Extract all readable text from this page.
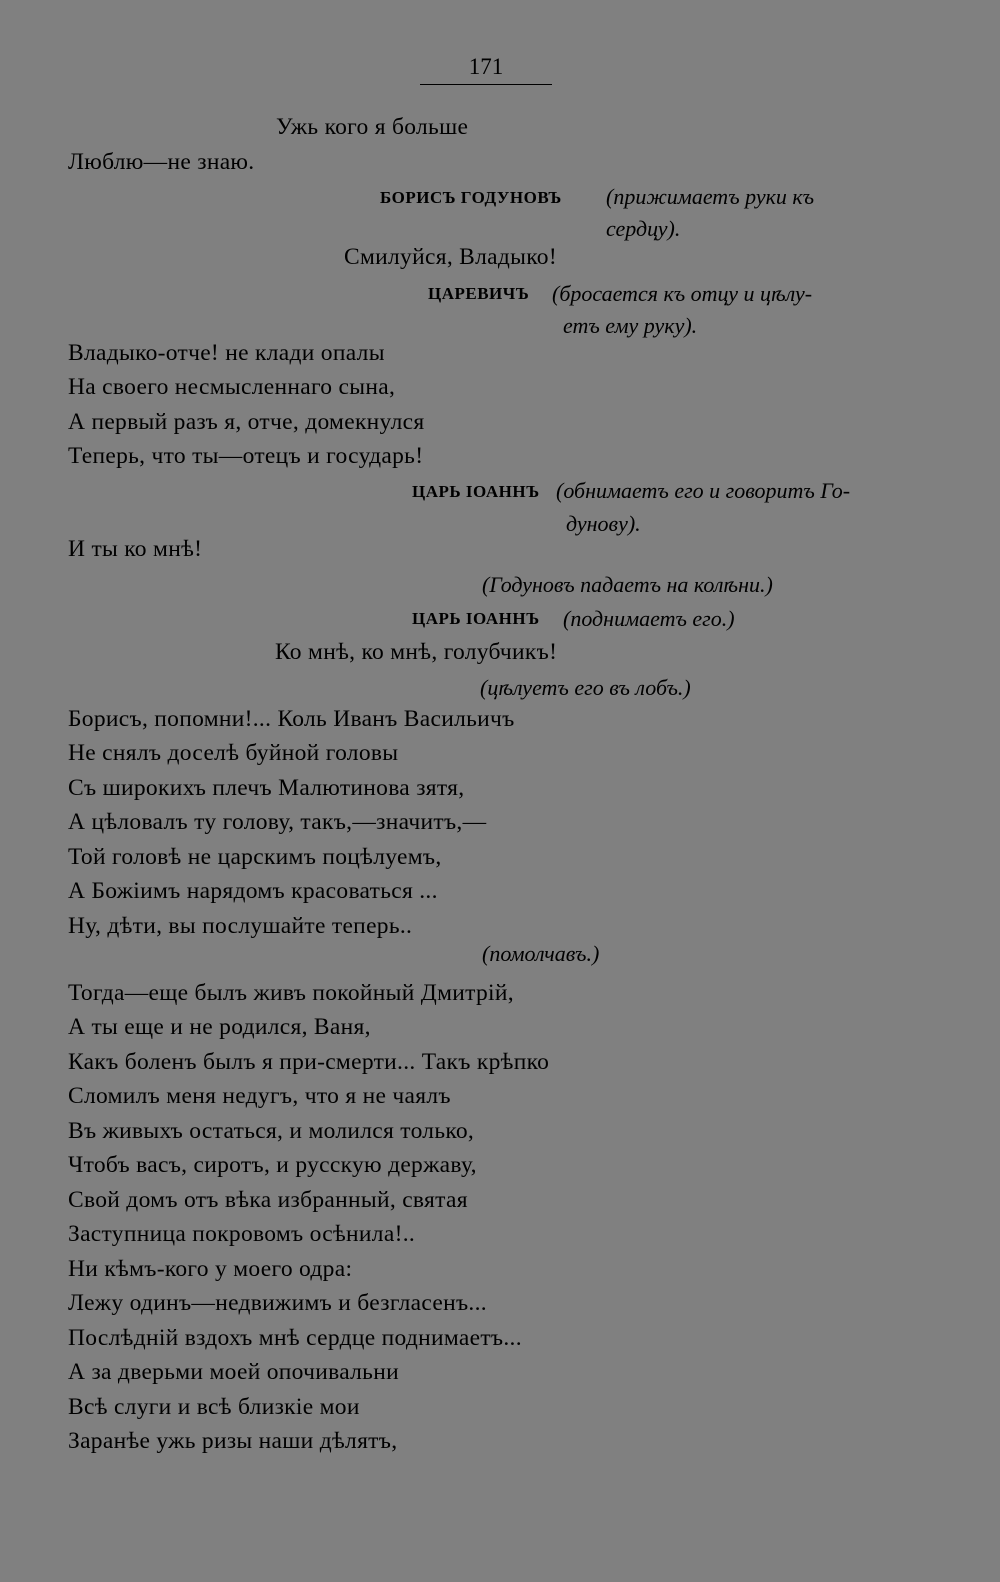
171
Ужь кого я больше
Люблю—не знаю.
БОРИСЪ ГОДУНОВЪ (прижимаетъ руки къ
сердцу).
Смилуйся, Владыко!
ЦАРЕВИЧЪ (бросается къ отцу и цѣлу-
етъ ему руку).
Владыко-отче! не клади опалы
На своего несмысленнаго сына,
А первый разъ я, отче, домекнулся
Теперь, что ты—отецъ и государь!
ЦАРЬ ІОАННЪ (обнимаетъ его и говоритъ Го-
дунову).
И ты ко мнѣ!
(Годуновъ падаетъ на колѣни.)
ЦАРЬ ІОАННЪ (поднимаетъ его.)
Ко мнѣ, ко мнѣ, голубчикъ!
(цѣлуетъ его въ лобъ.)
Борисъ, попомни!... Коль Иванъ Васильичъ
Не снялъ доселѣ буйной головы
Съ широкихъ плечъ Малютинова зятя,
А цѣловалъ ту голову, такъ,—значитъ,—
Той головѣ не царскимъ поцѣлуемъ,
А Божіимъ нарядомъ красоваться ...
Ну, дѣти, вы послушайте теперь..
(помолчавъ.)
Тогда—еще былъ живъ покойный Дмитрій,
А ты еще и не родился, Ваня,
Какъ боленъ былъ я при-смерти... Такъ крѣпко
Сломилъ меня недугъ, что я не чаялъ
Въ живыхъ остаться, и молился только,
Чтобъ васъ, сиротъ, и русскую державу,
Свой домъ отъ вѣка избранный, святая
Заступница покровомъ осѣнила!..
Ни кѣмъ-кого у моего одра:
Лежу одинъ—недвижимъ и безгласенъ...
Послѣдній вздохъ мнѣ сердце поднимаетъ...
А за дверьми моей опочивальни
Всѣ слуги и всѣ близкіе мои
Заранѣе ужь ризы наши дѣлятъ,
